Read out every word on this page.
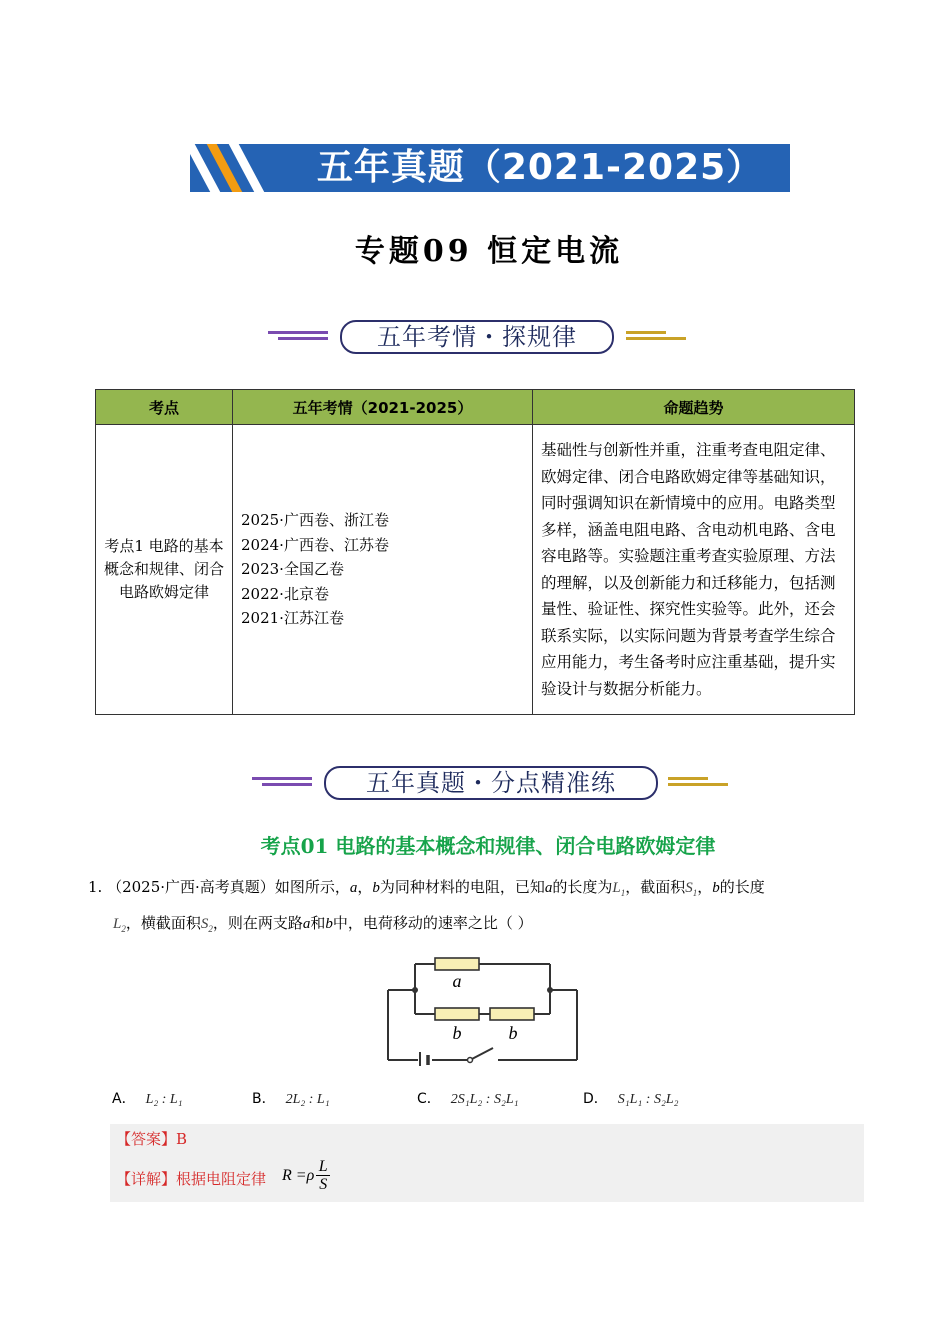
五年真题（2021-2025）
专题09 恒定电流
五年考情・探规律
考点	五年考情（2021-2025）	命题趋势
考点1 电路的基本概念和规律、闭合电路欧姆定律	2025·广西卷、浙江卷
2024·广西卷、江苏卷
2023·全国乙卷
2022·北京卷
2021·江苏江卷	基础性与创新性并重，注重考查电阻定律、欧姆定律、闭合电路欧姆定律等基础知识，同时强调知识在新情境中的应用。电路类型多样，涵盖电阻电路、含电动机电路、含电容电路等。实验题注重考查实验原理、方法的理解，以及创新能力和迁移能力，包括测量性、验证性、探究性实验等。此外，还会联系实际，以实际问题为背景考查学生综合应用能力，考生备考时应注重基础，提升实验设计与数据分析能力。
五年真题・分点精准练
考点01 电路的基本概念和规律、闭合电路欧姆定律
1. （2025·广西·高考真题）如图所示，a，b为同种材料的电阻，已知a的长度为$L_1$，截面积$S_1$，b的长度
$L_2$，横截面积$S_2$，则在两支路a和b中，电荷移动的速率之比（ ）
a
b	b
A． L₂ : L₁	B． 2L₂ : L₁	C． 2S₁L₂ : S₂L₁	D． S₁L₁ : S₂L₂
【答案】B
【详解】根据电阻定律 R =ρ L
S
